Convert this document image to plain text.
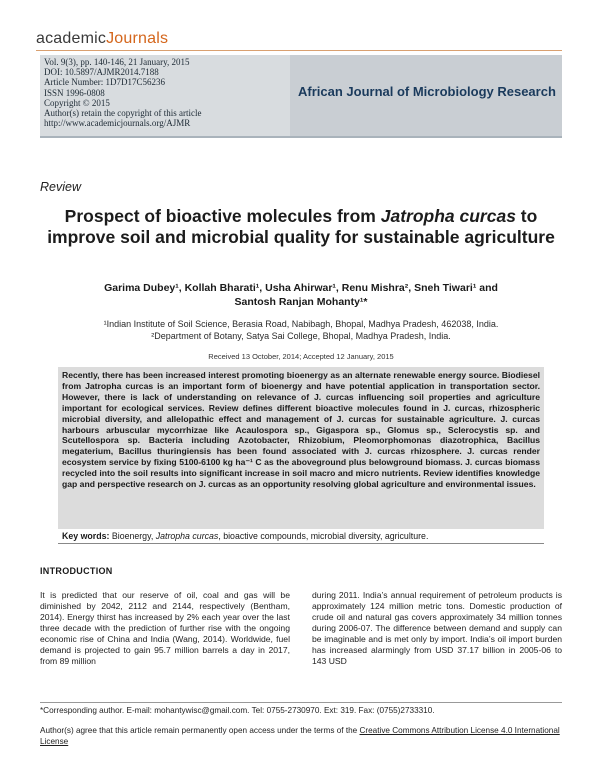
academicJournals
Vol. 9(3), pp. 140-146, 21 January, 2015
DOI: 10.5897/AJMR2014.7188
Article Number: 1D7D17C56236
ISSN 1996-0808
Copyright © 2015
Author(s) retain the copyright of this article
http://www.academicjournals.org/AJMR
African Journal of Microbiology Research
Review
Prospect of bioactive molecules from Jatropha curcas to improve soil and microbial quality for sustainable agriculture
Garima Dubey¹, Kollah Bharati¹, Usha Ahirwar¹, Renu Mishra², Sneh Tiwari¹ and
Santosh Ranjan Mohanty¹*
¹Indian Institute of Soil Science, Berasia Road, Nabibagh, Bhopal, Madhya Pradesh, 462038, India.
²Department of Botany, Satya Sai College, Bhopal, Madhya Pradesh, India.
Received 13 October, 2014; Accepted 12 January, 2015
Recently, there has been increased interest promoting bioenergy as an alternate renewable energy source. Biodiesel from Jatropha curcas is an important form of bioenergy and have potential application in transportation sector. However, there is lack of understanding on relevance of J. curcas influencing soil properties and agriculture important for ecological services. Review defines different bioactive molecules found in J. curcas, rhizospheric microbial diversity, and allelopathic effect and management of J. curcas for sustainable agriculture. J. curcas harbours arbuscular mycorrhizae like Acaulospora sp., Gigaspora sp., Glomus sp., Sclerocystis sp. and Scutellospora sp. Bacteria including Azotobacter, Rhizobium, Pleomorphomonas diazotrophica, Bacillus megaterium, Bacillus thuringiensis has been found associated with J. curcas rhizosphere. J. curcas render ecosystem service by fixing 5100-6100 kg ha⁻¹ C as the aboveground plus belowground biomass. J. curcas biomass recycled into the soil results into significant increase in soil macro and micro nutrients. Review identifies knowledge gap and perspective research on J. curcas as an opportunity resolving global agriculture and environmental issues.
Key words: Bioenergy, Jatropha curcas, bioactive compounds, microbial diversity, agriculture.
INTRODUCTION
It is predicted that our reserve of oil, coal and gas will be diminished by 2042, 2112 and 2144, respectively (Bentham, 2014). Energy thirst has increased by 2% each year over the last three decade with the prediction of further rise with the ongoing economic rise of China and India (Wang, 2014). Worldwide, fuel demand is projected to gain 95.7 million barrels a day in 2017, from 89 million
during 2011. India’s annual requirement of petroleum products is approximately 124 million metric tons. Domestic production of crude oil and natural gas covers approximately 34 million tonnes during 2006-07. The difference between demand and supply can be imaginable and is met only by import. India’s oil import burden has increased alarmingly from USD 37.17 billion in 2005-06 to 143 USD
*Corresponding author. E-mail: mohantywisc@gmail.com. Tel: 0755-2730970. Ext: 319. Fax: (0755)2733310.
Author(s) agree that this article remain permanently open access under the terms of the Creative Commons Attribution License 4.0 International License
